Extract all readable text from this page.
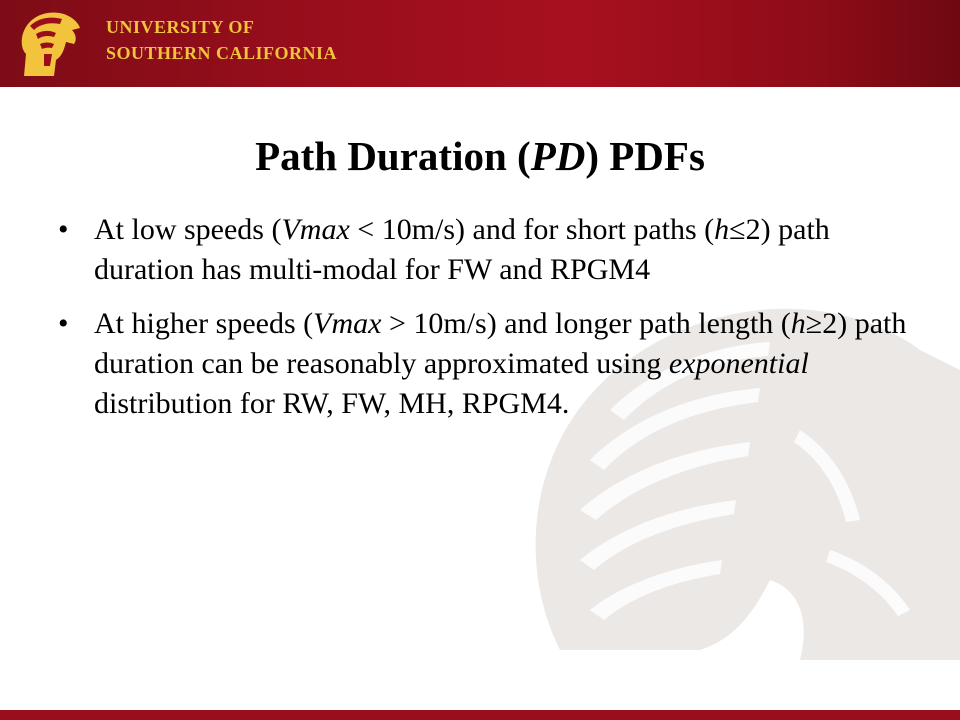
UNIVERSITY OF
SOUTHERN CALIFORNIA
Path Duration (PD) PDFs
• At low speeds (Vmax < 10m/s) and for short paths (h≤2) path duration has multi-modal for FW and RPGM4
• At higher speeds (Vmax > 10m/s) and longer path length (h≥2) path duration can be reasonably approximated using exponential distribution for RW, FW, MH, RPGM4.
